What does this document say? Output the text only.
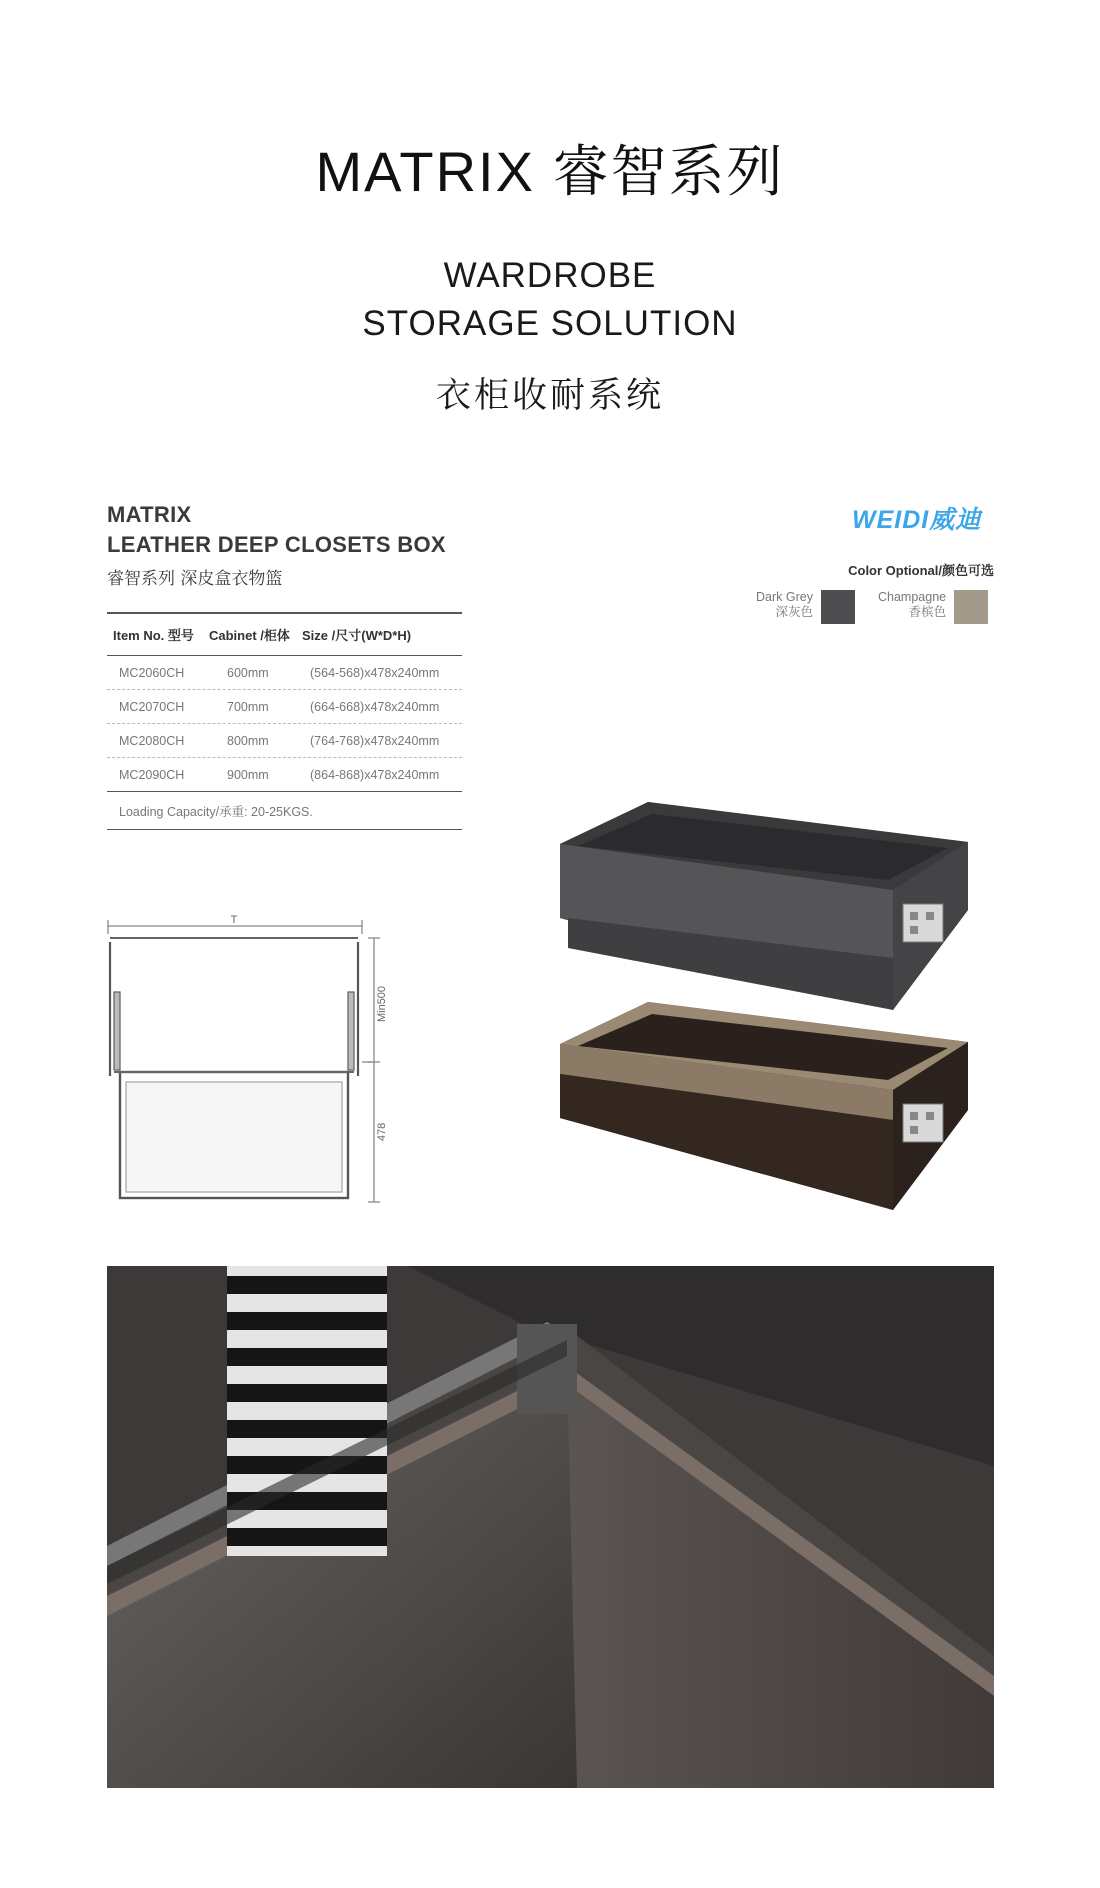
MATRIX 睿智系列
WARDROBE
STORAGE SOLUTION
衣柜收耐系统
MATRIX
LEATHER DEEP CLOSETS BOX
睿智系列 深皮盒衣物篮
Item No. 型号	Cabinet /柜体 Size /尺寸(W*D*H)
MC2060CH	600mm	(564-568)x478x240mm
MC2070CH	700mm	(664-668)x478x240mm
MC2080CH	800mm	(764-768)x478x240mm
MC2090CH	900mm	(864-868)x478x240mm
Loading Capacity/承重: 20-25KGS.
WEIDI威迪
Color Optional/颜色可选
Dark Grey
深灰色
Champagne
香槟色
T
Min500
478
